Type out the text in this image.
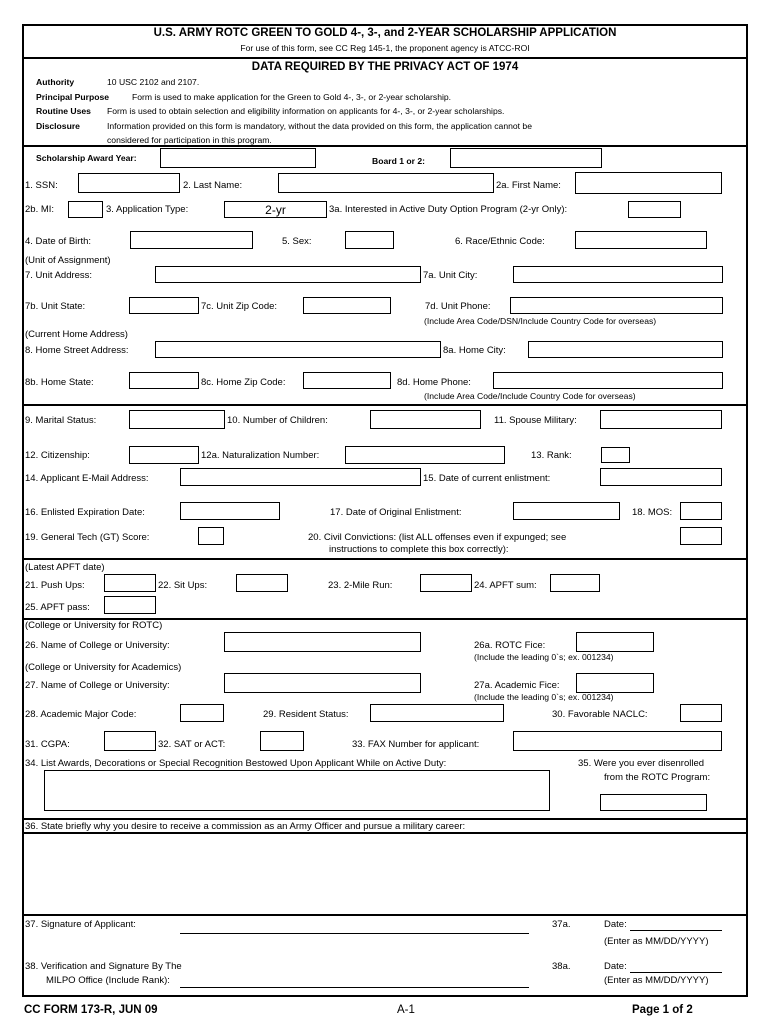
U.S. ARMY ROTC GREEN TO GOLD 4-, 3-, and 2-YEAR SCHOLARSHIP APPLICATION
For use of this form, see CC Reg 145-1, the proponent agency is ATCC-ROI
DATA REQUIRED BY THE PRIVACY ACT OF 1974
Authority	10 USC 2102 and 2107.
Principal Purpose	Form is used to make application for the Green to Gold 4-, 3-, or 2-year scholarship.
Routine Uses Form is used to obtain selection and eligibility information on applicants for 4-, 3-, or 2-year scholarships.
Disclosure	Information provided on this form is mandatory, without the data provided on this form, the application cannot be
considered for participation in this program.
Scholarship Award Year:	Board 1 or 2:
1. SSN:	2. Last Name:	2a. First Name:
2b. MI:	3. Application Type:	2-yr	3a. Interested in Active Duty Option Program (2-yr Only):
4. Date of Birth:	5. Sex:	6. Race/Ethnic Code:
(Unit of Assignment)
7. Unit Address:	7a. Unit City:
7b. Unit State:	7c. Unit Zip Code:	7d. Unit Phone:
(Include Area Code/DSN/Include Country Code for overseas)
(Current Home Address)
8. Home Street Address:	8a. Home City:
8b. Home State:	8c. Home Zip Code:	8d. Home Phone:
(Include Area Code/Include Country Code for overseas)
9. Marital Status:	10. Number of Children:	11. Spouse Military:
12. Citizenship:	12a. Naturalization Number:	13. Rank:
14. Applicant E-Mail Address:	15. Date of current enlistment:
16. Enlisted Expiration Date:	17. Date of Original Enlistment:	18. MOS:
19. General Tech (GT) Score:	20. Civil Convictions: (list ALL offenses even if expunged; see
instructions to complete this box correctly):
(Latest APFT date)
21. Push Ups:	22. Sit Ups:	23. 2-Mile Run:	24. APFT sum:
25. APFT pass:
(College or University for ROTC)
26. Name of College or University:	26a. ROTC Fice:
(Include the leading 0`s; ex. 001234)
(College or University for Academics)
27. Name of College or University:	27a. Academic Fice:
(Include the leading 0`s; ex. 001234)
28. Academic Major Code:	29. Resident Status:	30. Favorable NACLC:
31. CGPA:	32. SAT or ACT:	33. FAX Number for applicant:
34. List Awards, Decorations or Special Recognition Bestowed Upon Applicant While on Active Duty:	35. Were you ever disenrolled
from the ROTC Program:
36. State briefly why you desire to receive a commission as an Army Officer and pursue a military career:
37. Signature of Applicant:	37a.	Date:
(Enter as MM/DD/YYYY)
38. Verification and Signature By The
MILPO Office (Include Rank):
38a.	Date:
(Enter as MM/DD/YYYY)
CC FORM 173-R, JUN 09	A-1	Page 1 of 2
